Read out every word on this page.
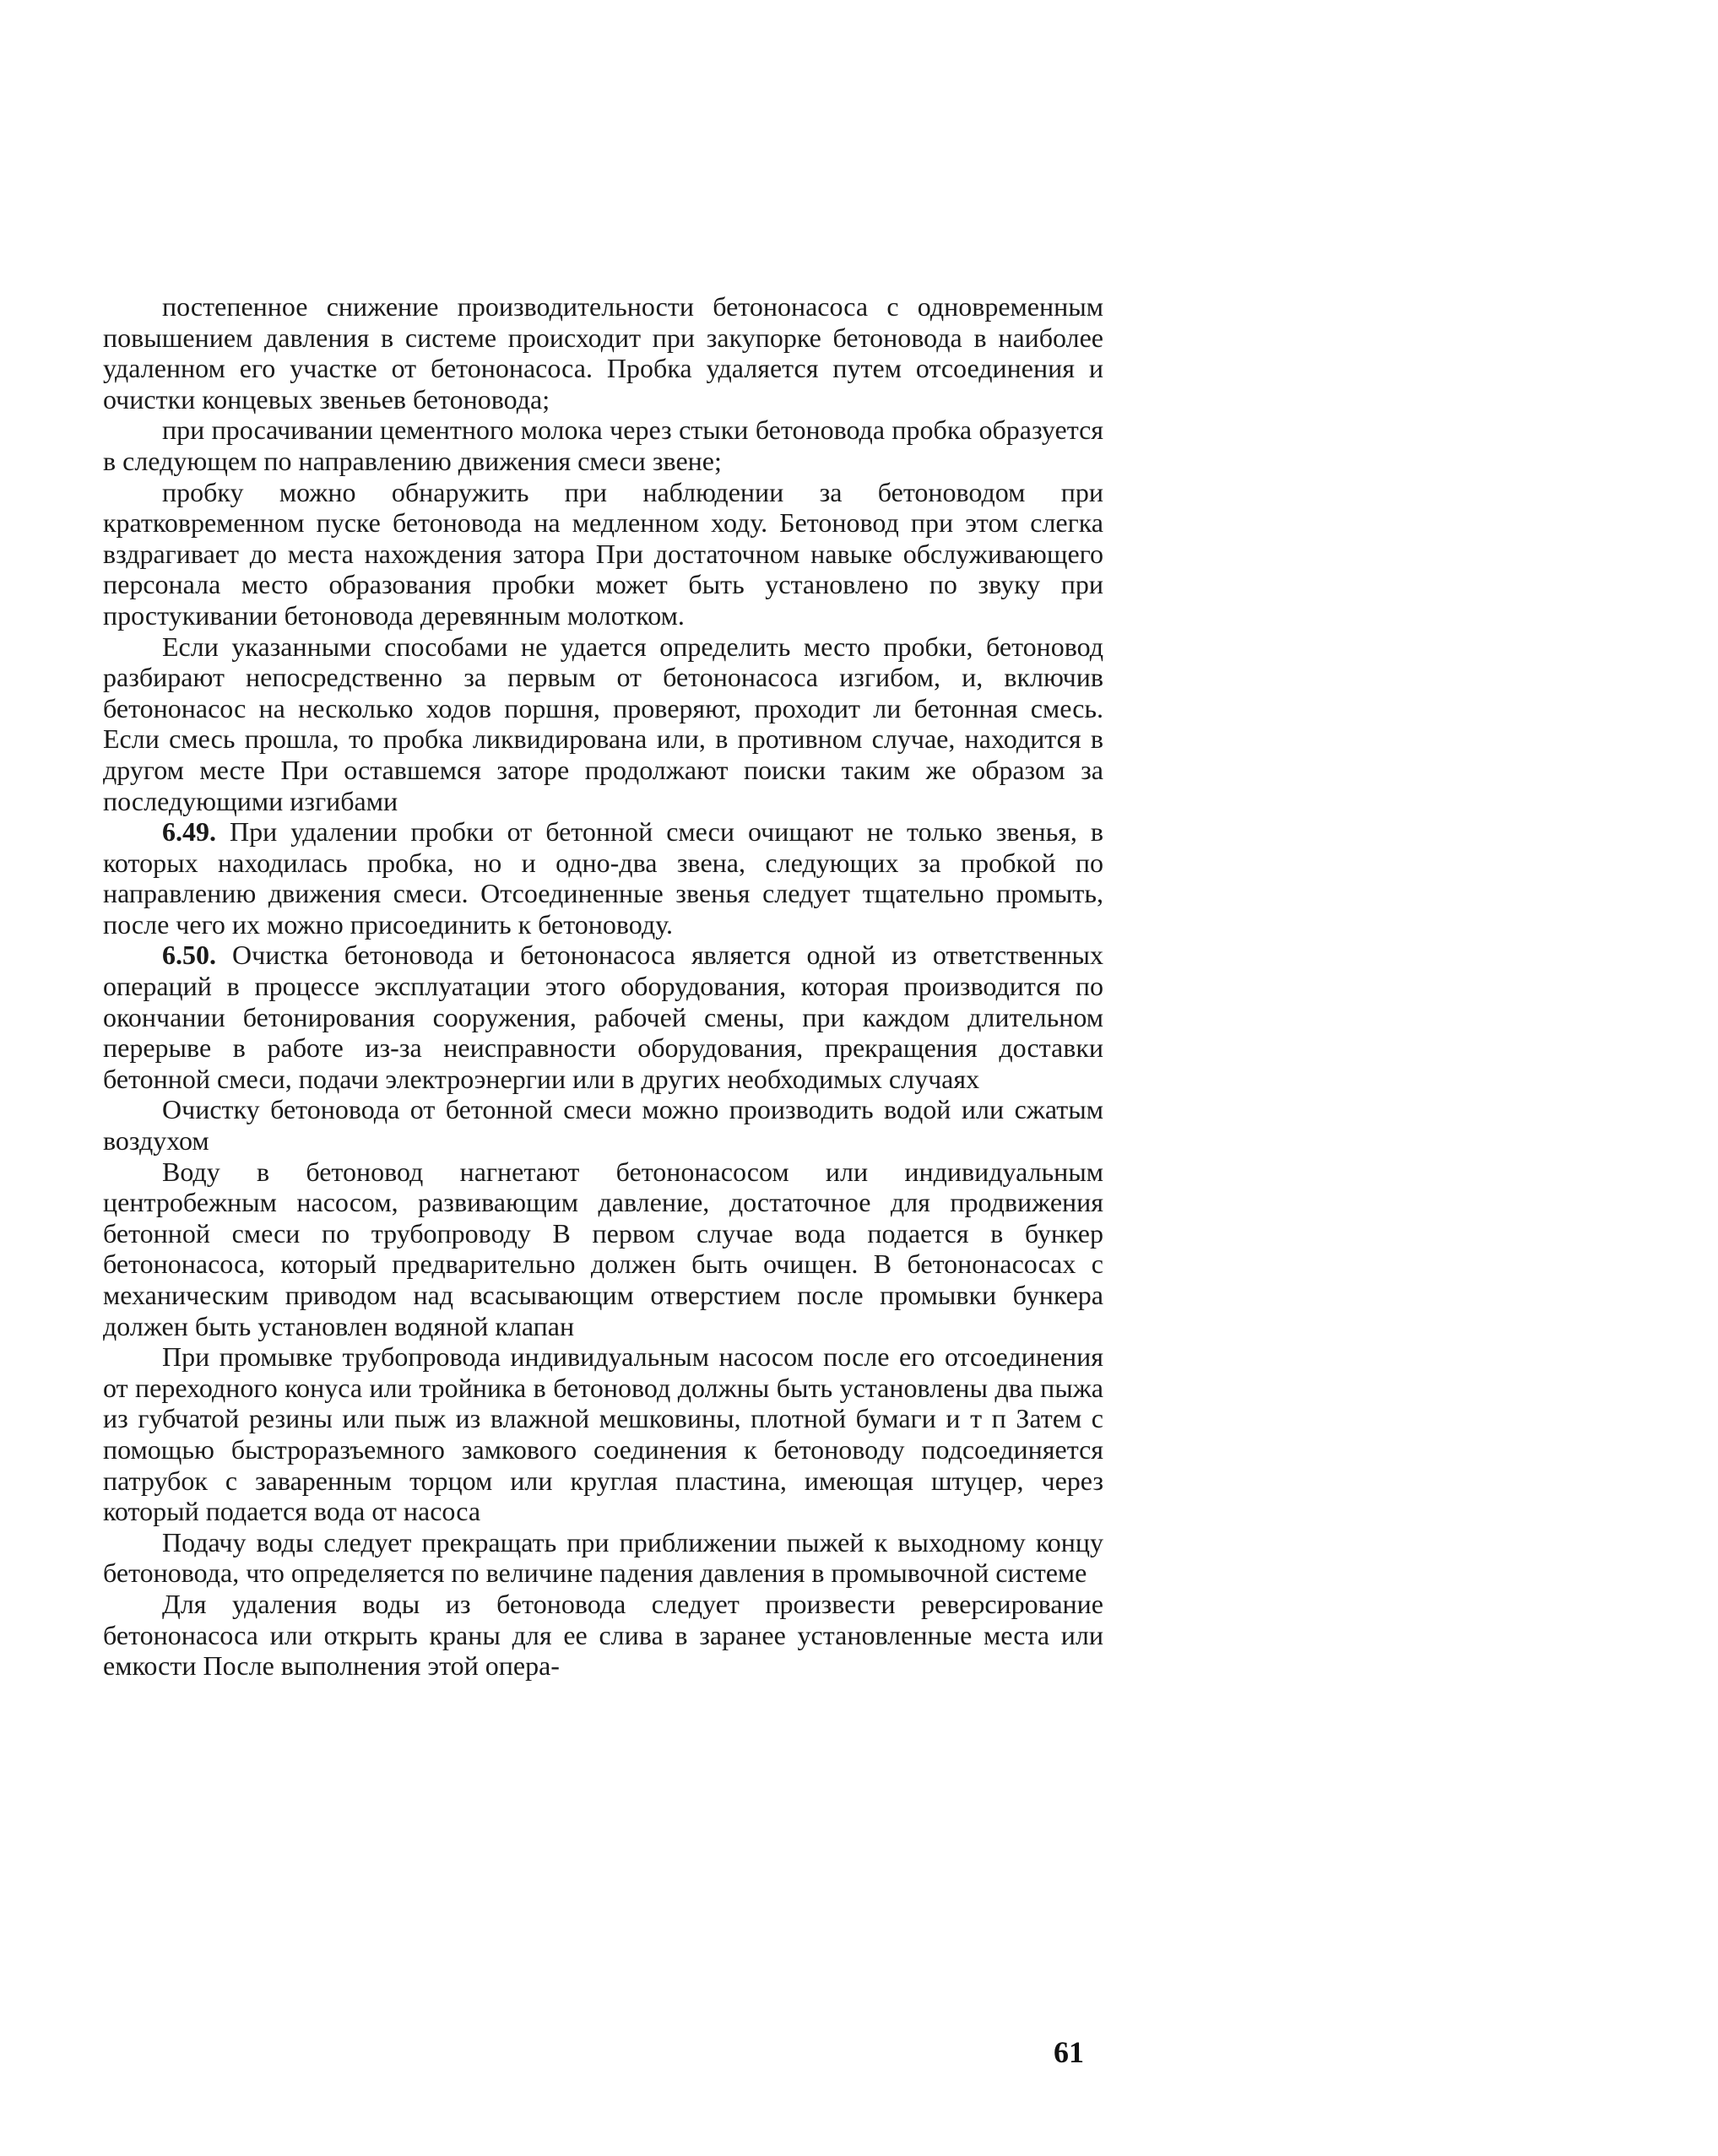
постепенное снижение производительности бетононасоса с одновременным повышением давления в системе происходит при закупорке бетоновода в наиболее удаленном его участке от бетононасоса. Пробка удаляется путем отсоединения и очистки концевых звеньев бетоновода;

при просачивании цементного молока через стыки бетоновода пробка образуется в следующем по направлению движения смеси звене;

пробку можно обнаружить при наблюдении за бетоноводом при кратковременном пуске бетоновода на медленном ходу. Бетоновод при этом слегка вздрагивает до места нахождения затора При достаточном навыке обслуживающего персонала место образования пробки может быть установлено по звуку при простукивании бетоновода деревянным молотком.

Если указанными способами не удается определить место пробки, бетоновод разбирают непосредственно за первым от бетононасоса изгибом, и, включив бетононасос на несколько ходов поршня, проверяют, проходит ли бетонная смесь. Если смесь прошла, то пробка ликвидирована или, в противном случае, находится в другом месте При оставшемся заторе продолжают поиски таким же образом за последующими изгибами

6.49. При удалении пробки от бетонной смеси очищают не только звенья, в которых находилась пробка, но и одно-два звена, следующих за пробкой по направлению движения смеси. Отсоединенные звенья следует тщательно промыть, после чего их можно присоединить к бетоноводу.

6.50. Очистка бетоновода и бетононасоса является одной из ответственных операций в процессе эксплуатации этого оборудования, которая производится по окончании бетонирования сооружения, рабочей смены, при каждом длительном перерыве в работе из-за неисправности оборудования, прекращения доставки бетонной смеси, подачи электроэнергии или в других необходимых случаях

Очистку бетоновода от бетонной смеси можно производить водой или сжатым воздухом

Воду в бетоновод нагнетают бетононасосом или индивидуальным центробежным насосом, развивающим давление, достаточное для продвижения бетонной смеси по трубопроводу В первом случае вода подается в бункер бетононасоса, который предварительно должен быть очищен. В бетононасосах с механическим приводом над всасывающим отверстием после промывки бункера должен быть установлен водяной клапан

При промывке трубопровода индивидуальным насосом после его отсоединения от переходного конуса или тройника в бетоновод должны быть установлены два пыжа из губчатой резины или пыж из влажной мешковины, плотной бумаги и т п Затем с помощью быстроразъемного замкового соединения к бетоноводу подсоединяется патрубок с заваренным торцом или круглая пластина, имеющая штуцер, через который подается вода от насоса

Подачу воды следует прекращать при приближении пыжей к выходному концу бетоновода, что определяется по величине падения давления в промывочной системе

Для удаления воды из бетоновода следует произвести реверсирование бетононасоса или открыть краны для ее слива в заранее установленные места или емкости После выполнения этой опера-

61
